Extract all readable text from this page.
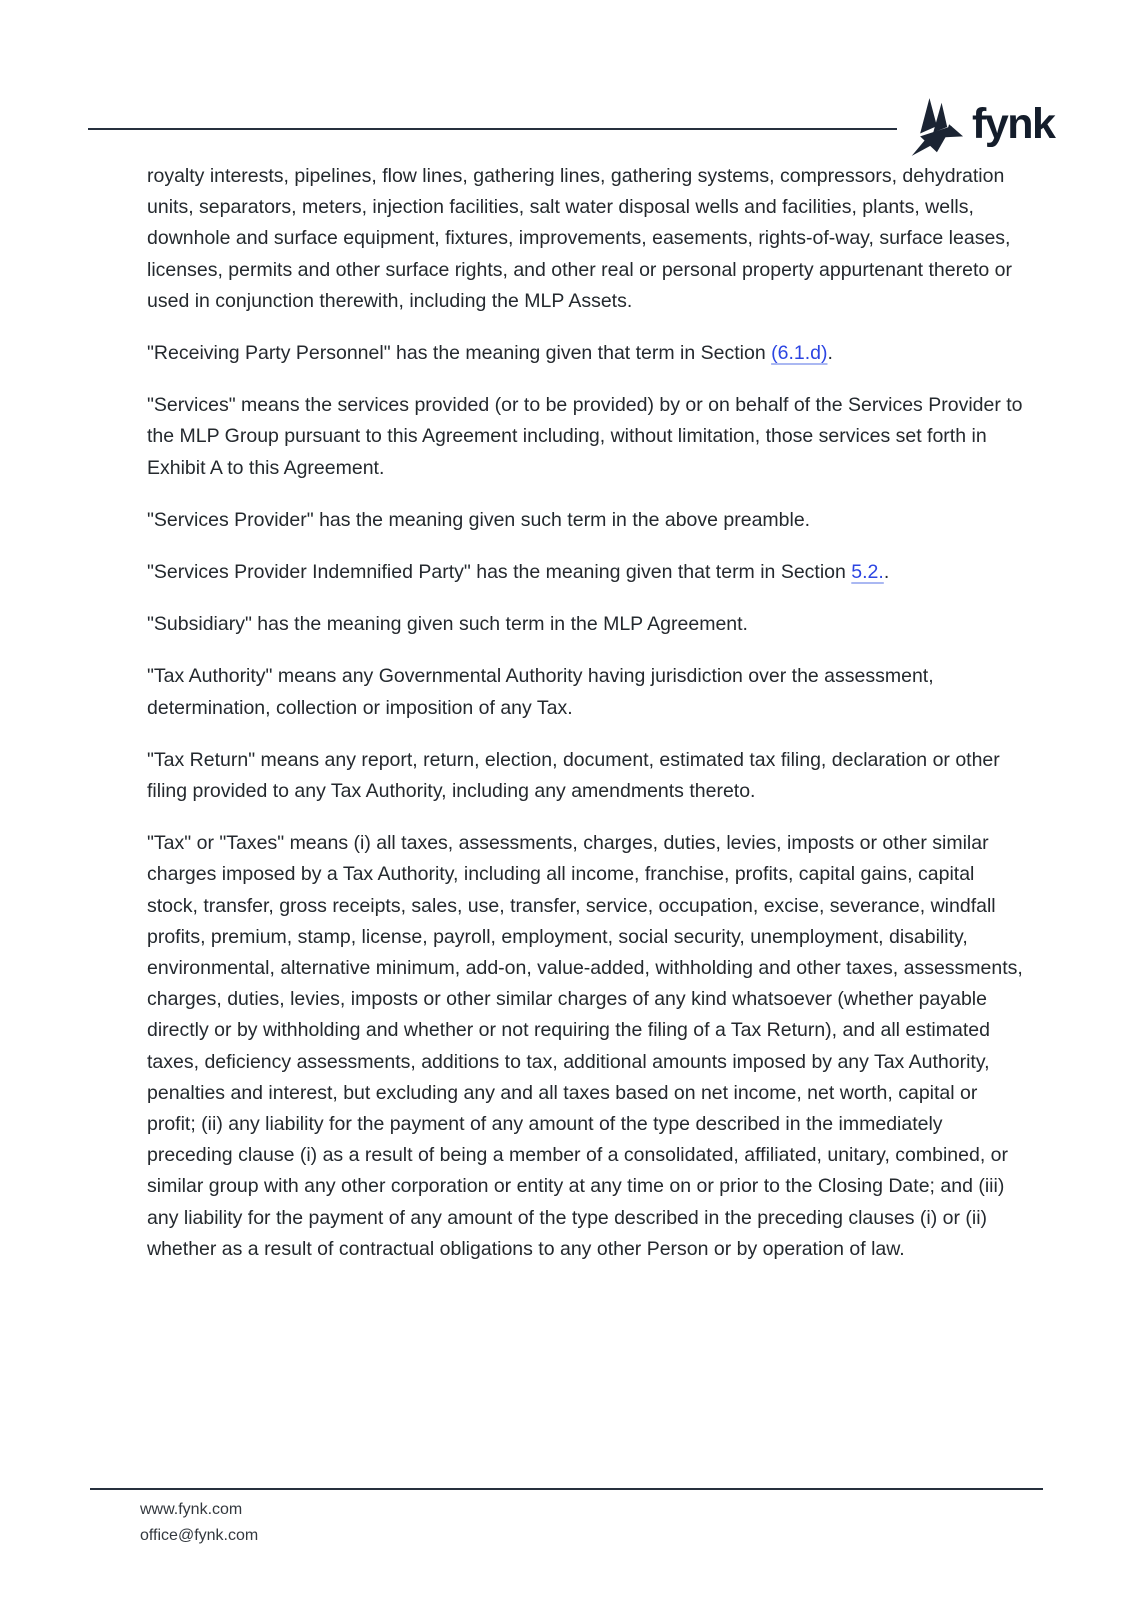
fynk

royalty interests, pipelines, flow lines, gathering lines, gathering systems, compressors, dehydration units, separators, meters, injection facilities, salt water disposal wells and facilities, plants, wells, downhole and surface equipment, fixtures, improvements, easements, rights-of-way, surface leases, licenses, permits and other surface rights, and other real or personal property appurtenant thereto or used in conjunction therewith, including the MLP Assets.

"Receiving Party Personnel" has the meaning given that term in Section (6.1.d).

"Services" means the services provided (or to be provided) by or on behalf of the Services Provider to the MLP Group pursuant to this Agreement including, without limitation, those services set forth in Exhibit A to this Agreement.

"Services Provider" has the meaning given such term in the above preamble.

"Services Provider Indemnified Party" has the meaning given that term in Section 5.2..

"Subsidiary" has the meaning given such term in the MLP Agreement.

"Tax Authority" means any Governmental Authority having jurisdiction over the assessment, determination, collection or imposition of any Tax.

"Tax Return" means any report, return, election, document, estimated tax filing, declaration or other filing provided to any Tax Authority, including any amendments thereto.

"Tax" or "Taxes" means (i) all taxes, assessments, charges, duties, levies, imposts or other similar charges imposed by a Tax Authority, including all income, franchise, profits, capital gains, capital stock, transfer, gross receipts, sales, use, transfer, service, occupation, excise, severance, windfall profits, premium, stamp, license, payroll, employment, social security, unemployment, disability, environmental, alternative minimum, add-on, value-added, withholding and other taxes, assessments, charges, duties, levies, imposts or other similar charges of any kind whatsoever (whether payable directly or by withholding and whether or not requiring the filing of a Tax Return), and all estimated taxes, deficiency assessments, additions to tax, additional amounts imposed by any Tax Authority, penalties and interest, but excluding any and all taxes based on net income, net worth, capital or profit; (ii) any liability for the payment of any amount of the type described in the immediately preceding clause (i) as a result of being a member of a consolidated, affiliated, unitary, combined, or similar group with any other corporation or entity at any time on or prior to the Closing Date; and (iii) any liability for the payment of any amount of the type described in the preceding clauses (i) or (ii) whether as a result of contractual obligations to any other Person or by operation of law.

www.fynk.com
office@fynk.com
